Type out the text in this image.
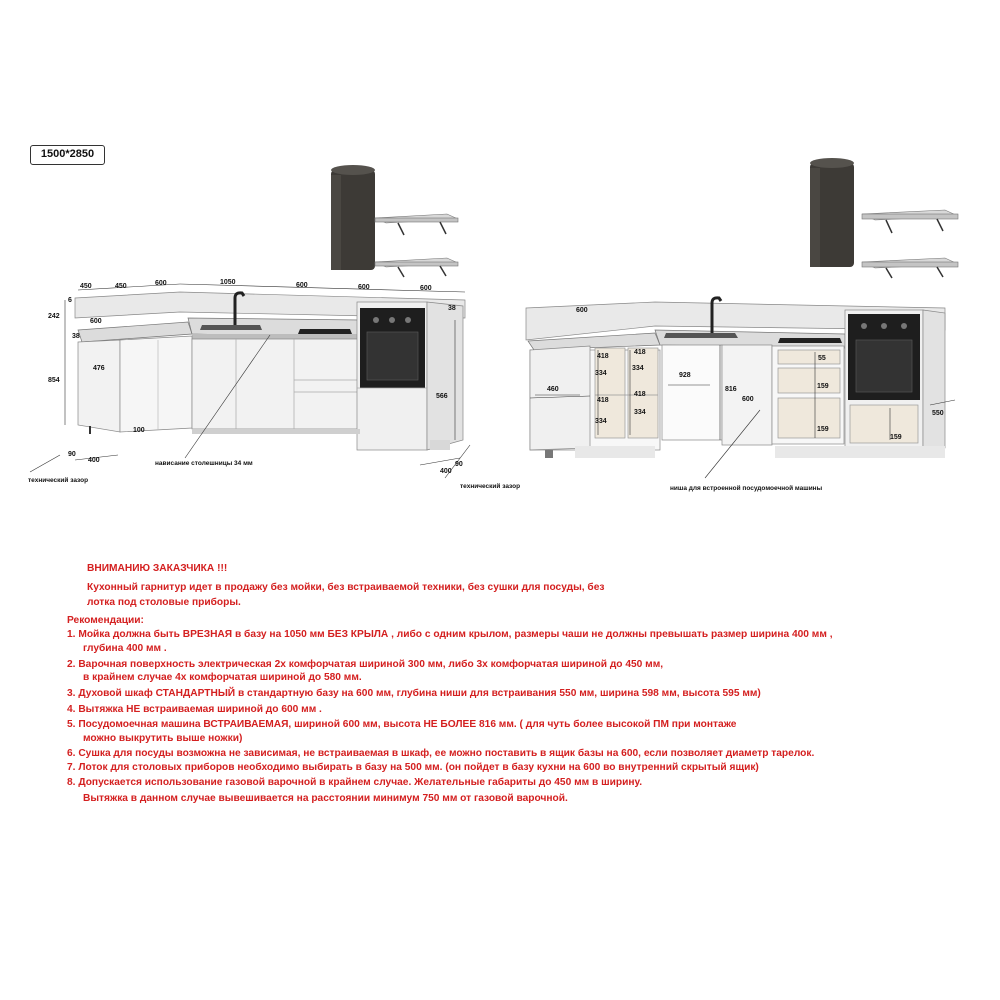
1500*2850
450	450	600	1050	600	600	600
600
6
242
38
854
476
100
90
400
566
38
400
90
технический зазор
нависание столешницы 34 мм
технический зазор
600
418
418
334
334
418
418
334
334
460
928
816
600
55
159
159
159
550
ниша для встроенной посудомоечной машины
ВНИМАНИЮ ЗАКАЗЧИКА !!!
Кухонный гарнитур идет в продажу без мойки, без встраиваемой техники, без сушки для посуды, без
лотка под столовые приборы.
Рекомендации:
1. Мойка должна быть ВРЕЗНАЯ в базу на 1050 мм БЕЗ КРЫЛА , либо с одним крылом, размеры чаши не должны превышать размер ширина 400 мм ,
глубина 400 мм .
2. Варочная поверхность электрическая 2х комфорчатая шириной 300 мм, либо 3х комфорчатая шириной до 450 мм,
в крайнем случае 4х комфорчатая шириной до 580 мм.
3. Духовой шкаф СТАНДАРТНЫЙ в стандартную базу на 600 мм, глубина ниши для встраивания 550 мм, ширина 598 мм, высота 595 мм)
4. Вытяжка НЕ встраиваемая шириной до 600 мм .
5. Посудомоечная машина ВСТРАИВАЕМАЯ, шириной 600 мм, высота НЕ БОЛЕЕ 816 мм. ( для чуть более высокой ПМ при монтаже
можно выкрутить выше ножки)
6. Сушка для посуды возможна не зависимая, не встраиваемая в шкаф, ее можно поставить в ящик базы на 600, если позволяет диаметр тарелок.
7. Лоток для столовых приборов необходимо выбирать в базу на 500 мм. (он пойдет в базу кухни на 600 во внутренний скрытый ящик)
8. Допускается использование газовой варочной в крайнем случае. Желательные габариты до 450 мм в ширину.
Вытяжка в данном случае вывешивается на расстоянии минимум 750 мм от газовой варочной.
